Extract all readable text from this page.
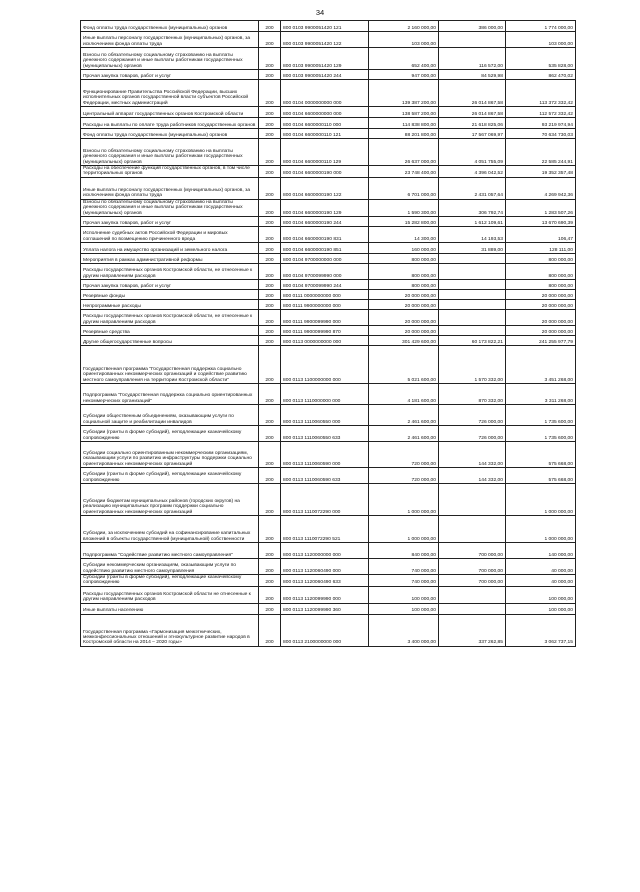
34
Фонд оплаты труда государственных (муниципальных) органов	200	800 0103 9900051420 121	2 160 000,00	386 000,00	1 774 000,00
Иные выплаты персоналу государственных (муниципальных) органов, за исключением фонда оплаты труда	200	800 0103 9900051420 122	103 000,00		103 000,00
Взносы по обязательному социальному страхованию на выплаты денежного содержания и иные выплаты работникам государственных (муниципальных) органов	200	800 0103 9900051420 129	652 400,00	116 572,00	535 828,00
Прочая закупка товаров, работ и услуг	200	800 0103 9900051420 244	947 000,00	84 529,98	862 470,02
Функционирование Правительства Российской Федерации, высших исполнительных органов государственной власти субъектов Российской Федерации, местных администраций	200	800 0104 0000000000 000	139 387 200,00	26 014 867,58	113 372 332,42
Центральный аппарат государственных органов Костромской области	200	800 0104 6600000000 000	138 587 200,00	26 014 867,58	112 572 332,42
Расходы на выплаты по оплате труда работников государственных органов	200	800 0104 6600000110 000	114 838 800,00	21 618 825,06	93 219 974,94
Фонд оплаты труда государственных (муниципальных) органов	200	800 0104 6600000110 121	88 201 800,00	17 567 069,97	70 634 730,03
Взносы по обязательному социальному страхованию на выплаты денежного содержания и иные выплаты работникам государственных (муниципальных) органов	200	800 0104 6600000110 129	26 637 000,00	4 051 755,09	22 585 244,91
Расходы на обеспечение функций государственных органов, в том числе территориальных органов	200	800 0104 6600000190 000	23 748 400,00	4 396 042,52	19 352 357,48
Иные выплаты персоналу государственных (муниципальных) органов, за исключением фонда оплаты труда	200	800 0104 6600000190 122	6 701 000,00	2 431 057,64	4 269 942,36
Взносы по обязательному социальному страхованию на выплаты денежного содержания и иные выплаты работникам государственных (муниципальных) органов	200	800 0104 6600000190 129	1 590 300,00	306 792,74	1 283 507,26
Прочая закупка товаров, работ и услуг	200	800 0104 6600000190 244	15 282 800,00	1 612 109,61	13 670 690,39
Исполнение судебных актов Российской Федерации и мировых соглашений по возмещению причиненного вреда	200	800 0104 6600000190 831	14 300,00	14 193,53	106,47
Уплата налога на имущество организаций и земельного налога	200	800 0104 6600000190 851	160 000,00	31 889,00	128 111,00
Мероприятия в рамках административной реформы	200	800 0104 9700000000 000	800 000,00		800 000,00
Расходы государственных органов Костромской области, не отнесенные к другим направлениям расходов	200	800 0104 9700099990 000	800 000,00		800 000,00
Прочая закупка товаров, работ и услуг	200	800 0104 9700099990 244	800 000,00		800 000,00
Резервные фонды	200	800 0111 0000000000 000	20 000 000,00		20 000 000,00
Непрограммные расходы	200	800 0111 9900000000 000	20 000 000,00		20 000 000,00
Расходы государственных органов Костромской области, не отнесенные к другим направлениям расходов	200	800 0111 9900099990 000	20 000 000,00		20 000 000,00
Резервные средства	200	800 0111 9900099990 870	20 000 000,00		20 000 000,00
Другие общегосударственные вопросы	200	800 0113 0000000000 000	301 429 600,00	60 173 822,21	241 255 977,79
Государственная программа "Государственная поддержка социально ориентированных некоммерческих организаций и содействие развитию местного самоуправления на территории Костромской области"	200	800 0113 1100000000 000	5 021 600,00	1 570 332,00	3 451 268,00
Подпрограмма "Государственная поддержка социально ориентированных некоммерческих организаций"	200	800 0113 1110000000 000	4 181 600,00	870 332,00	3 311 268,00
Субсидии общественным объединениям, оказывающим услуги по социальной защите и реабилитации инвалидов	200	800 0113 1110060550 000	2 461 600,00	726 000,00	1 735 600,00
Субсидии (гранты в форме субсидий), неподлежащие казначейскому сопровождению	200	800 0113 1110060550 633	2 461 600,00	726 000,00	1 735 600,00
Субсидии социально ориентированным некоммерческим организациям, оказывающим услуги по развитию инфраструктуры поддержки социально ориентированных некоммерческих организаций	200	800 0113 1110060590 000	720 000,00	144 332,00	575 668,00
Субсидии (гранты в форме субсидий), неподлежащие казначейскому сопровождению	200	800 0113 1110060590 633	720 000,00	144 332,00	575 668,00
Субсидии бюджетам муниципальных районов (городских округов) на реализацию муниципальных программ поддержки социально ориентированных некоммерческих организаций	200	800 0113 1110072290 000	1 000 000,00		1 000 000,00
Субсидии, за исключением субсидий на софинансирование капитальных вложений в объекты государственной (муниципальной) собственности	200	800 0113 1110072290 521	1 000 000,00		1 000 000,00
Подпрограмма "Содействие развитию местного самоуправления"	200	800 0113 1120000000 000	840 000,00	700 000,00	140 000,00
Субсидии некоммерческим организациям, оказывающим услуги по содействию развитию местного самоуправления	200	800 0113 1120060490 000	740 000,00	700 000,00	40 000,00
Субсидии (гранты в форме субсидий), неподлежащие казначейскому сопровождению	200	800 0113 1120060490 633	740 000,00	700 000,00	40 000,00
Расходы государственных органов Костромской области не отнесенные к другим направлениям расходов	200	800 0113 1120099990 000	100 000,00		100 000,00
Иные выплаты населению	200	800 0113 1120099990 360	100 000,00		100 000,00
Государственная программа «Гармонизация межэтнических, межконфессиональных отношений и этнокультурное развитие народов в Костромской области на 2014 – 2020 годы»	200	800 0113 2100000000 000	3 400 000,00	337 262,85	3 062 737,15
